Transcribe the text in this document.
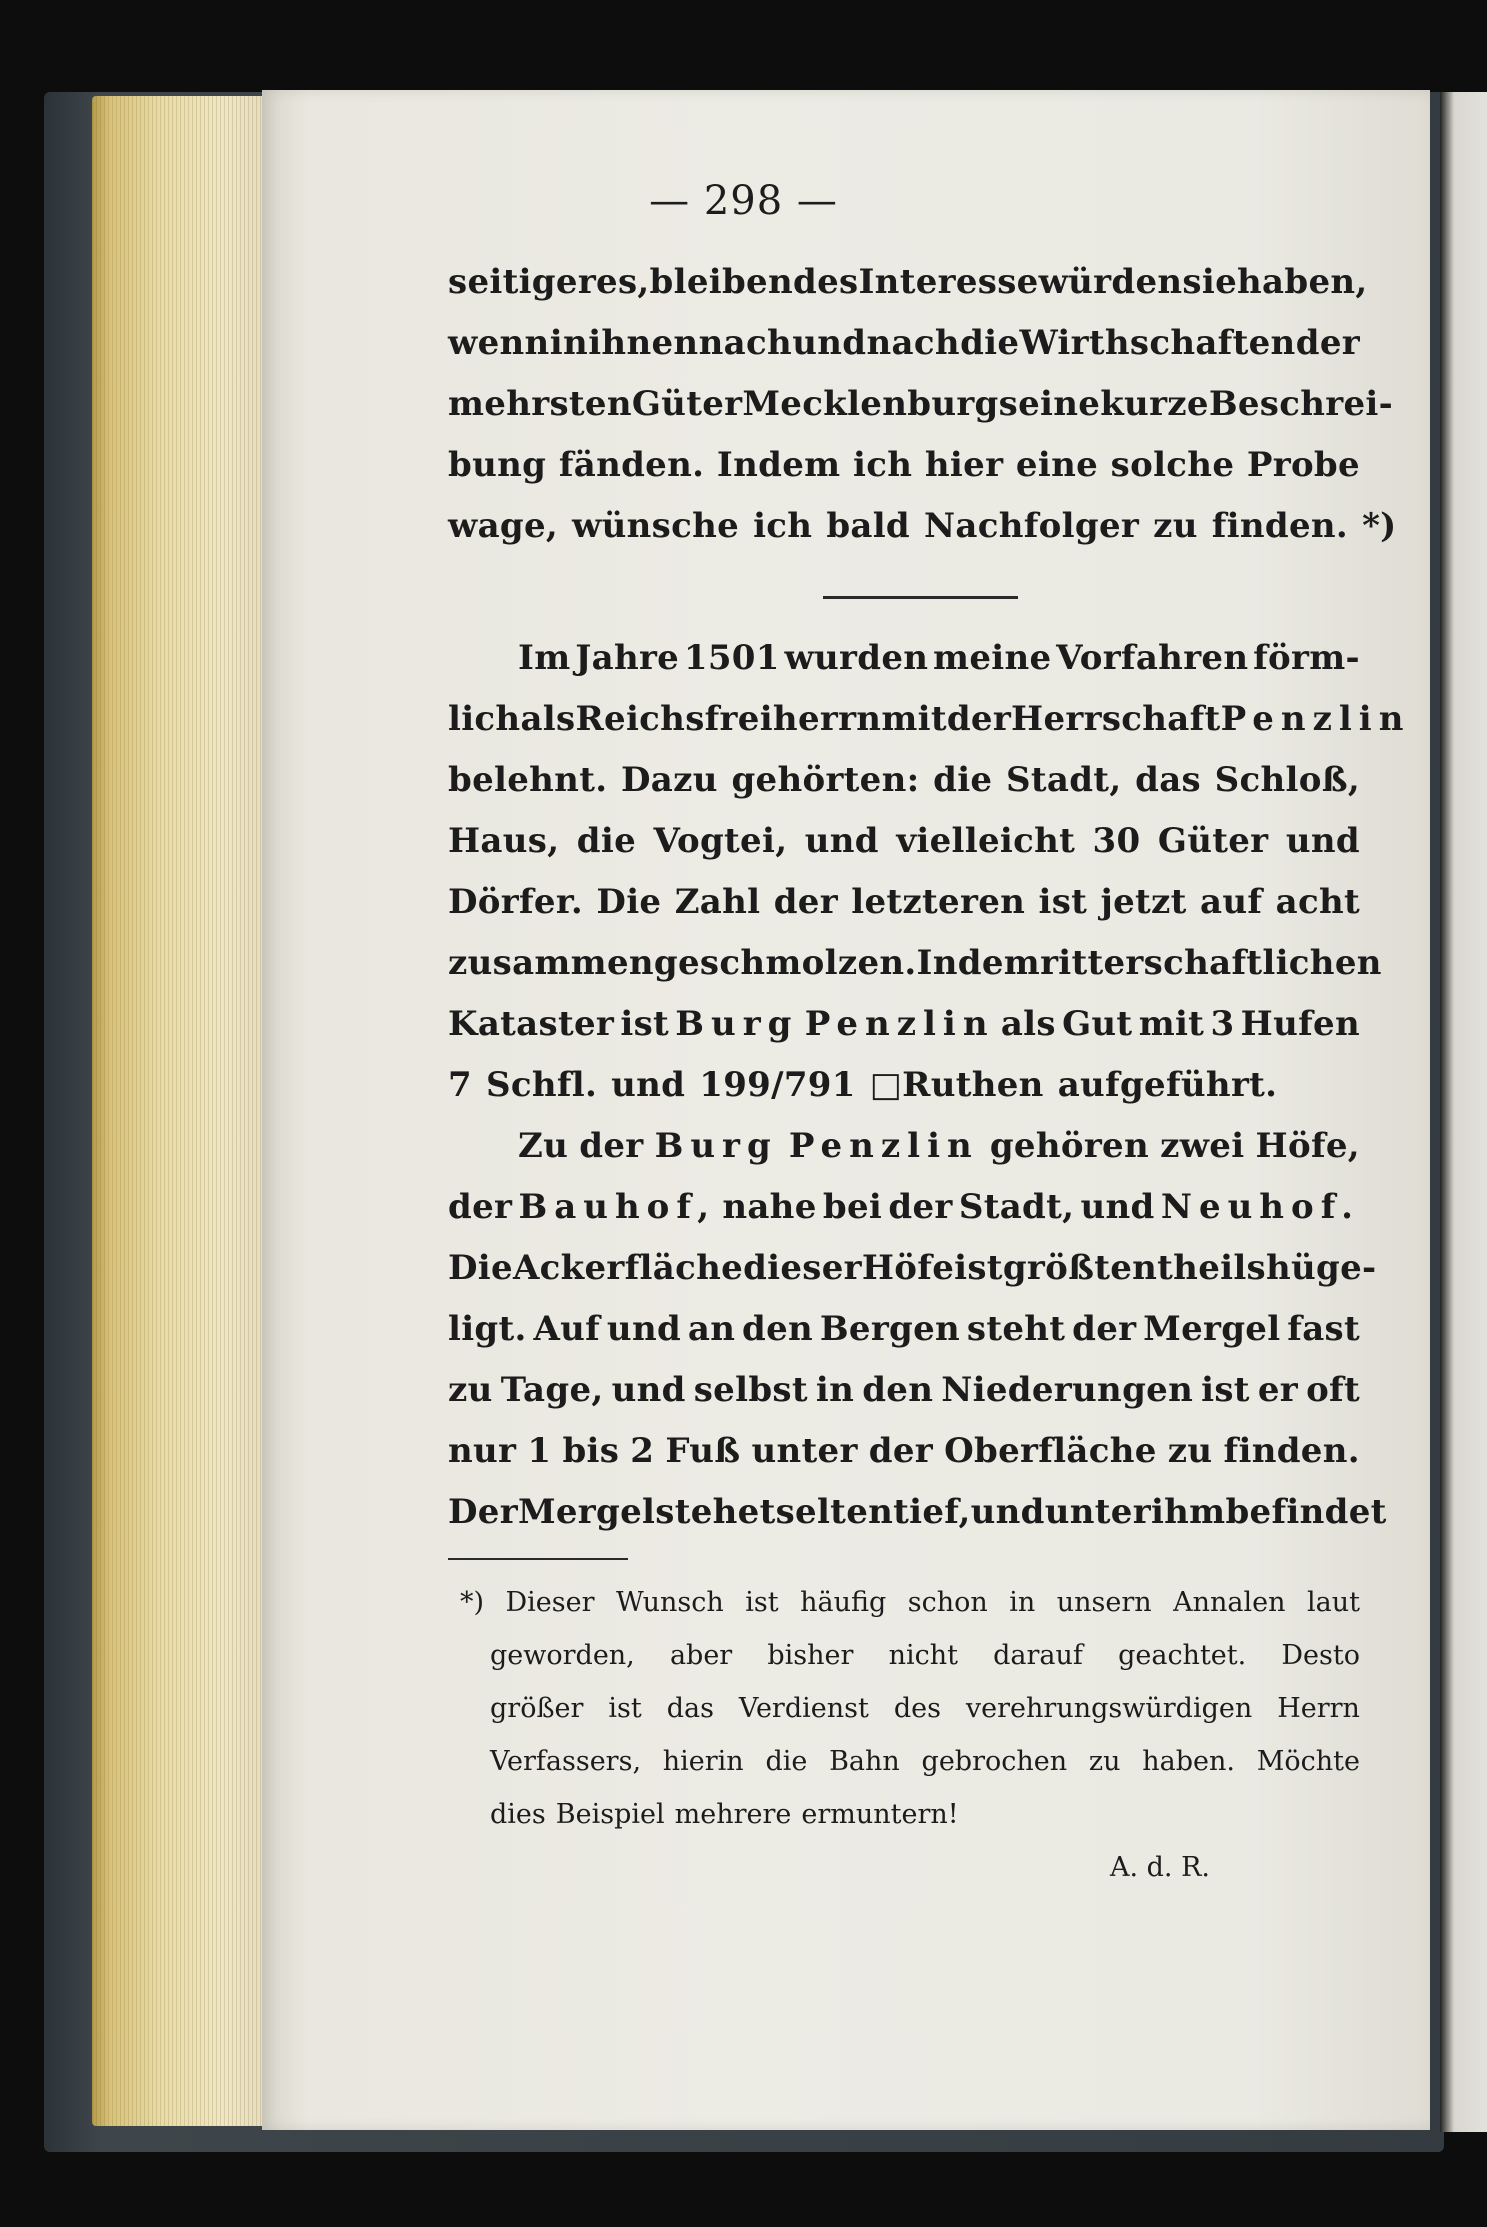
— 298 —
seitigeres, bleibendes Interesse würden sie haben,
wenn in ihnen nach und nach die Wirthschaften der
mehrsten Güter Mecklenburgs eine kurze Beschrei-
bung fänden. Indem ich hier eine solche Probe
wage, wünsche ich bald Nachfolger zu finden. *)
Im Jahre 1501 wurden meine Vorfahren förm-
lich als Reichsfreiherrn mit der Herrschaft Penzlin
belehnt. Dazu gehörten: die Stadt, das Schloß,
Haus, die Vogtei, und vielleicht 30 Güter und
Dörfer. Die Zahl der letzteren ist jetzt auf acht
zusammengeschmolzen. In dem ritterschaftlichen
Kataster ist Burg Penzlin als Gut mit 3 Hufen
7 Schfl. und 199/791 □Ruthen aufgeführt.
Zu der Burg Penzlin gehören zwei Höfe,
der Bauhof, nahe bei der Stadt, und Neuhof.
Die Ackerfläche dieser Höfe ist größtentheils hüge-
ligt. Auf und an den Bergen steht der Mergel fast
zu Tage, und selbst in den Niederungen ist er oft
nur 1 bis 2 Fuß unter der Oberfläche zu finden.
Der Mergel stehet selten tief, und unter ihm befindet
*) Dieser Wunsch ist häufig schon in unsern Annalen laut
geworden, aber bisher nicht darauf geachtet. Desto
größer ist das Verdienst des verehrungswürdigen Herrn
Verfassers, hierin die Bahn gebrochen zu haben. Möchte
dies Beispiel mehrere ermuntern!
A. d. R.
